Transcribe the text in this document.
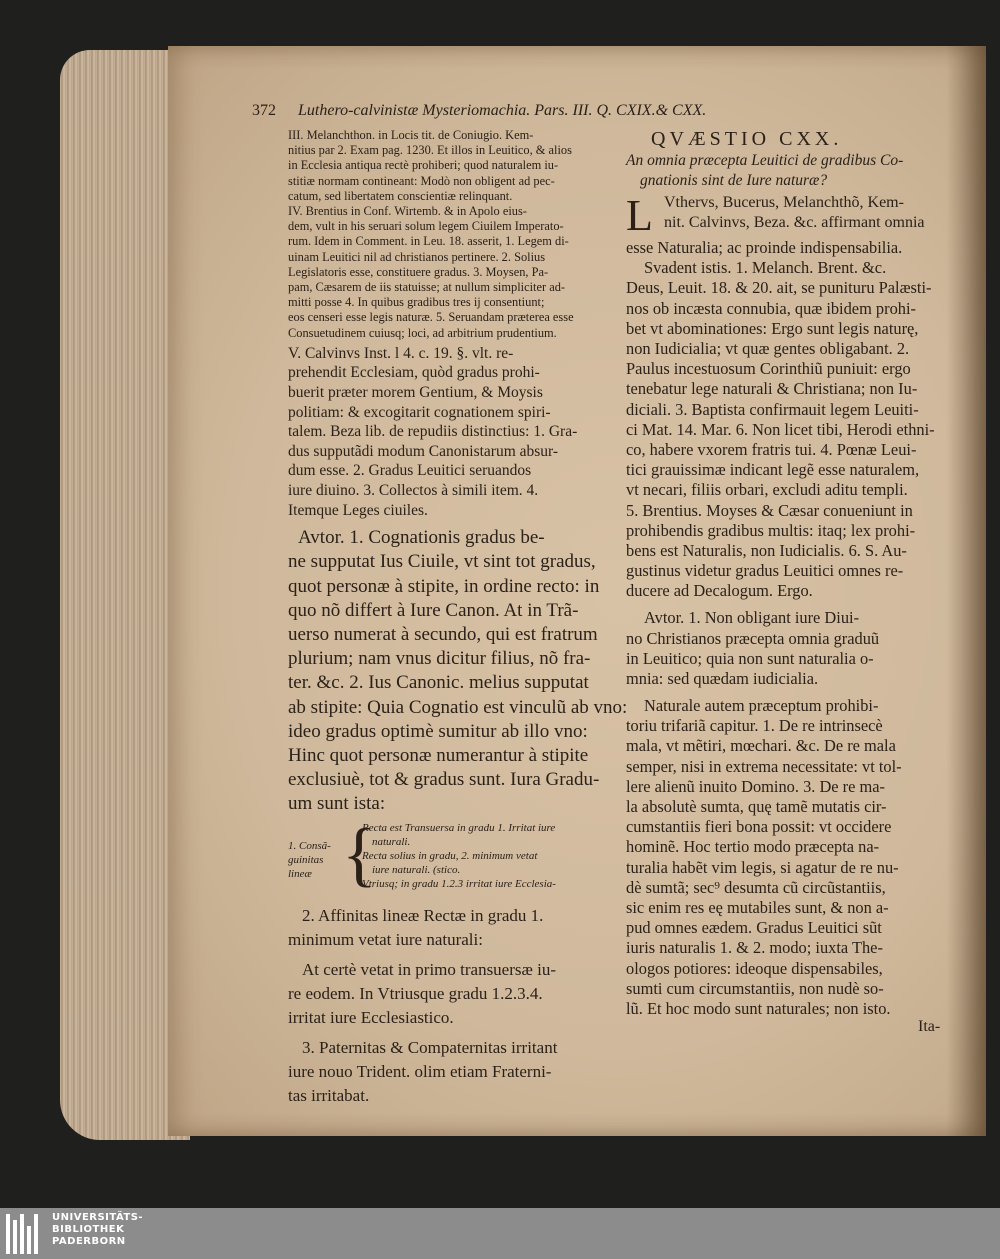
372 Luthero-calvinistæ Mysteriomachia. Pars. III. Q. CXIX.& CXX.
III. Melanchthon. in Locis tit. de Coniugio. Kem-
nitius par 2. Exam pag. 1230. Et illos in Leuitico, & alios
in Ecclesia antiqua rectè prohiberi; quod naturalem iu-
stitiæ normam contineant: Modò non obligent ad pec-
catum, sed libertatem conscientiæ relinquant.
IV. Brentius in Conf. Wirtemb. & in Apolo eius-
dem, vult in his seruari solum legem Ciuilem Imperato-
rum. Idem in Comment. in Leu. 18. asserit, 1. Legem di-
uinam Leuitici nil ad christianos pertinere. 2. Solius
Legislatoris esse, constituere gradus. 3. Moysen, Pa-
pam, Cæsarem de iis statuisse; at nullum simpliciter ad-
mitti posse 4. In quibus gradibus tres ij consentiunt;
eos censeri esse legis naturæ. 5. Seruandam præterea esse
Consuetudinem cuiusq; loci, ad arbitrium prudentium.
V. Calvinvs Inst. l 4. c. 19. §. vlt. re-
prehendit Ecclesiam, quòd gradus prohi-
buerit præter morem Gentium, & Moysis
politiam: & excogitarit cognationem spiri-
talem. Beza lib. de repudiis distinctius: 1. Gra-
dus supputãdi modum Canonistarum absur-
dum esse. 2. Gradus Leuitici seruandos
iure diuino. 3. Collectos à simili item. 4.
Itemque Leges ciuiles.
Avtor. 1. Cognationis gradus be-
ne supputat Ius Ciuile, vt sint tot gradus,
quot personæ à stipite, in ordine recto: in
quo nõ differt à Iure Canon. At in Trã-
uerso numerat à secundo, qui est fratrum
plurium; nam vnus dicitur filius, nõ fra-
ter. &c. 2. Ius Canonic. melius supputat
ab stipite: Quia Cognatio est vinculũ ab vno:
ideo gradus optimè sumitur ab illo vno:
Hinc quot personæ numerantur à stipite
exclusiuè, tot & gradus sunt. Iura Gradu-
um sunt ista:
1. Consã-
guinitas
lineæ {
Recta est Transuersa in gradu 1. Irritat iure
naturali.
Recta solius in gradu, 2. minimum vetat
iure naturali. (stico.
Vtriusq; in gradu 1.2.3 irritat iure Ecclesia-
2. Affinitas lineæ Rectæ in gradu 1.
minimum vetat iure naturali:
At certè vetat in primo transuersæ iu-
re eodem. In Vtriusque gradu 1.2.3.4.
irritat iure Ecclesiastico.
3. Paternitas & Compaternitas irritant
iure nouo Trident. olim etiam Fraterni-
tas irritabat.
QVÆSTIO CXX.
An omnia præcepta Leuitici de gradibus Co-
gnationis sint de Iure naturæ?
L Vthervs, Bucerus, Melanchthõ, Kem-
nit. Calvinvs, Beza. &c. affirmant omnia
Ita-
esse Naturalia; ac proinde indispensabilia.
Svadent istis. 1. Melanch. Brent. &c.
Deus, Leuit. 18. & 20. ait, se punituru Palæsti-
nos ob incæsta connubia, quæ ibidem prohi-
bet vt abominationes: Ergo sunt legis naturę,
non Iudicialia; vt quæ gentes obligabant. 2.
Paulus incestuosum Corinthiũ puniuit: ergo
tenebatur lege naturali & Christiana; non Iu-
diciali. 3. Baptista confirmauit legem Leuiti-
ci Mat. 14. Mar. 6. Non licet tibi, Herodi ethni-
co, habere vxorem fratris tui. 4. Pœnæ Leui-
tici grauissimæ indicant legẽ esse naturalem,
vt necari, filiis orbari, excludi aditu templi.
5. Brentius. Moyses & Cæsar conueniunt in
prohibendis gradibus multis: itaq; lex prohi-
bens est Naturalis, non Iudicialis. 6. S. Au-
gustinus videtur gradus Leuitici omnes re-
ducere ad Decalogum. Ergo.
Avtor. 1. Non obligant iure Diui-
no Christianos præcepta omnia graduũ
in Leuitico; quia non sunt naturalia o-
mnia: sed quædam iudicialia.
Naturale autem præceptum prohibi-
toriu trifariã capitur. 1. De re intrinsecè
mala, vt mẽtiri, mœchari. &c. De re mala
semper, nisi in extrema necessitate: vt tol-
lere alienũ inuito Domino. 3. De re ma-
la absolutè sumta, quę tamẽ mutatis cir-
cumstantiis fieri bona possit: vt occidere
hominẽ. Hoc tertio modo præcepta na-
turalia habẽt vim legis, si agatur de re nu-
dè sumtã; sec⁹ desumta cũ circũstantiis,
sic enim res eę mutabiles sunt, & non a-
pud omnes eædem. Gradus Leuitici sũt
iuris naturalis 1. & 2. modo; iuxta The-
ologos potiores: ideoque dispensabiles,
sumti cum circumstantiis, non nudè so-
lũ. Et hoc modo sunt naturales; non isto.
UNIVERSITÄTS-
BIBLIOTHEK
PADERBORN
